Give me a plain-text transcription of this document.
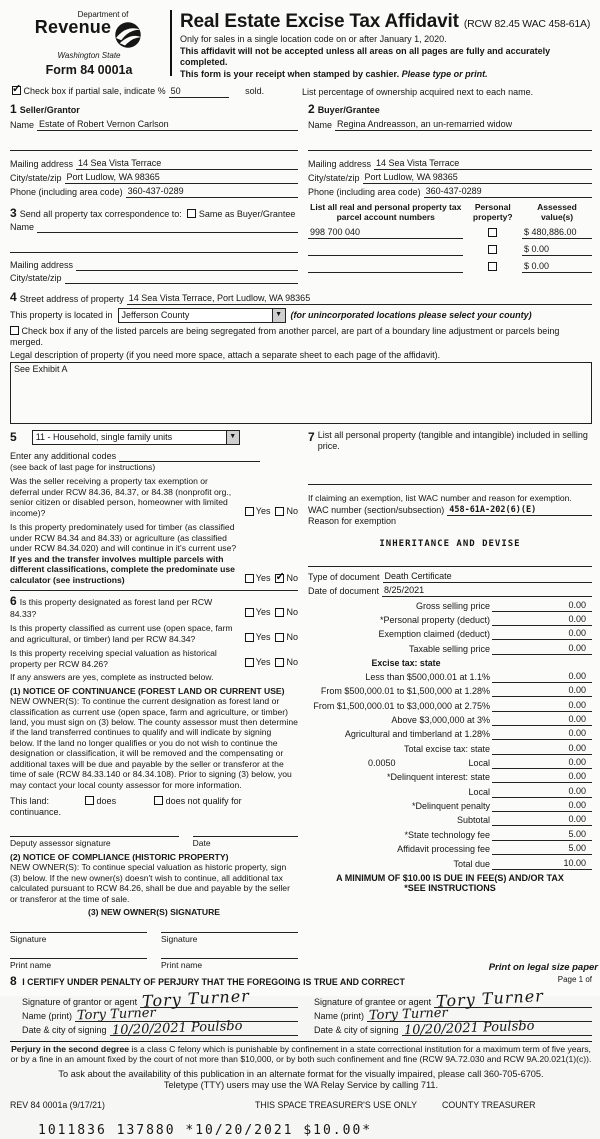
Department of
Revenue
Washington State
Form 84 0001a
Real Estate Excise Tax Affidavit (RCW 82.45 WAC 458-61A)
Only for sales in a single location code on or after January 1, 2020.
This affidavit will not be accepted unless all areas on all pages are fully and accurately completed.
This form is your receipt when stamped by cashier. Please type or print.
✓ Check box if partial sale, indicate % 50	sold.	List percentage of ownership acquired next to each name.
1 Seller/Grantor
Name Estate of Robert Vernon Carlson
Mailing address 14 Sea Vista Terrace
City/state/zip Port Ludlow, WA 98365
Phone (including area code) 360-437-0289
3 Send all property tax correspondence to: Same as Buyer/Grantee
Name
Mailing address
City/state/zip
2 Buyer/Grantee
Name Regina Andreasson, an un-remarried widow
Mailing address 14 Sea Vista Terrace
City/state/zip Port Ludlow, WA 98365
Phone (including area code) 360-437-0289
List all real and personal property tax
parcel account numbers
Personal
property?
Assessed
value(s)
998 700 040	$ 480,886.00
$ 0.00
$ 0.00
4 Street address of property 14 Sea Vista Terrace, Port Ludlow, WA 98365
This property is located in Jefferson County	▼ (for unincorporated locations please select your county)
Check box if any of the listed parcels are being segregated from another parcel, are part of a boundary line adjustment or parcels being merged.
Legal description of property (if you need more space, attach a separate sheet to each page of the affidavit).
See Exhibit A
5	11 - Household, single family units	▼
Enter any additional codes
(see back of last page for instructions)

Was the seller receiving a property tax exemption or deferral under RCW 84.36, 84.37, or 84.38 (nonprofit org., senior citizen or disabled person, homeowner with limited income)?	Yes No

Is this property predominately used for timber (as classified under RCW 84.34 and 84.33) or agriculture (as classified under RCW 84.34.020) and will continue in it's current use? If yes and the transfer involves multiple parcels with different classifications, complete the predominate use calculator (see instructions)	Yes ✓ No

6 Is this property designated as forest land per RCW 84.33?	Yes No

Is this property classified as current use (open space, farm and agricultural, or timber) land per RCW 84.34?	Yes No

Is this property receiving special valuation as historical property per RCW 84.26?	Yes No
If any answers are yes, complete as instructed below.
(1) NOTICE OF CONTINUANCE (FOREST LAND OR CURRENT USE)
NEW OWNER(S): To continue the current designation as forest land or classification as current use (open space, farm and agriculture, or timber) land, you must sign on (3) below. The county assessor must then determine if the land transferred continues to qualify and will indicate by signing below. If the land no longer qualifies or you do not wish to continue the designation or classification, it will be removed and the compensating or additional taxes will be due and payable by the seller or transferor at the time of sale (RCW 84.33.140 or 84.34.108). Prior to signing (3) below, you may contact your local county assessor for more information.
This land:	does	does not qualify for
continuance.
Deputy assessor signature	Date
(2) NOTICE OF COMPLIANCE (HISTORIC PROPERTY)
NEW OWNER(S): To continue special valuation as historic property, sign (3) below. If the new owner(s) doesn't wish to continue, all additional tax calculated pursuant to RCW 84.26, shall be due and payable by the seller or transferor at the time of sale.
(3) NEW OWNER(S) SIGNATURE
Signature	Signature
Print name	Print name
7 List all personal property (tangible and intangible) included in selling price.

If claiming an exemption, list WAC number and reason for exemption.
WAC number (section/subsection) 458-61A-202(6)(E)
Reason for exemption
INHERITANCE AND DEVISE
Type of document Death Certificate
Date of document 8/25/2021
Gross selling price	0.00
*Personal property (deduct)	0.00
Exemption claimed (deduct)	0.00
Taxable selling price	0.00
Excise tax: state
Less than $500,000.01 at 1.1%	0.00
From $500,000.01 to $1,500,000 at 1.28%	0.00
From $1,500,000.01 to $3,000,000 at 2.75%	0.00
Above $3,000,000 at 3%	0.00
Agricultural and timberland at 1.28%	0.00
Total excise tax: state	0.00
0.0050	Local	0.00
*Delinquent interest: state	0.00
Local	0.00
*Delinquent penalty	0.00
Subtotal	0.00
*State technology fee	5.00
Affidavit processing fee	5.00
Total due	10.00
A MINIMUM OF $10.00 IS DUE IN FEE(S) AND/OR TAX
*SEE INSTRUCTIONS
8 I CERTIFY UNDER PENALTY OF PERJURY THAT THE FOREGOING IS TRUE AND CORRECT
Signature of grantor or agent Tory Turner
Name (print) Tory Turner
Date & city of signing 10/20/2021 Poulsbo
Signature of grantee or agent Tory Turner
Name (print) Tory Turner
Date & city of signing 10/20/2021 Poulsbo
Perjury in the second degree is a class C felony which is punishable by confinement in a state correctional institution for a maximum term of five years, or by a fine in an amount fixed by the court of not more than $10,000, or by both such confinement and fine (RCW 9A.72.030 and RCW 9A.20.021(1)(c)).
To ask about the availability of this publication in an alternate format for the visually impaired, please call 360-705-6705. Teletype (TTY) users may use the WA Relay Service by calling 711.
REV 84 0001a (9/17/21)	THIS SPACE TREASURER'S USE ONLY	COUNTY TREASURER
1011836 137880 *10/20/2021 $10.00*
Print on legal size paper
Page 1 of
